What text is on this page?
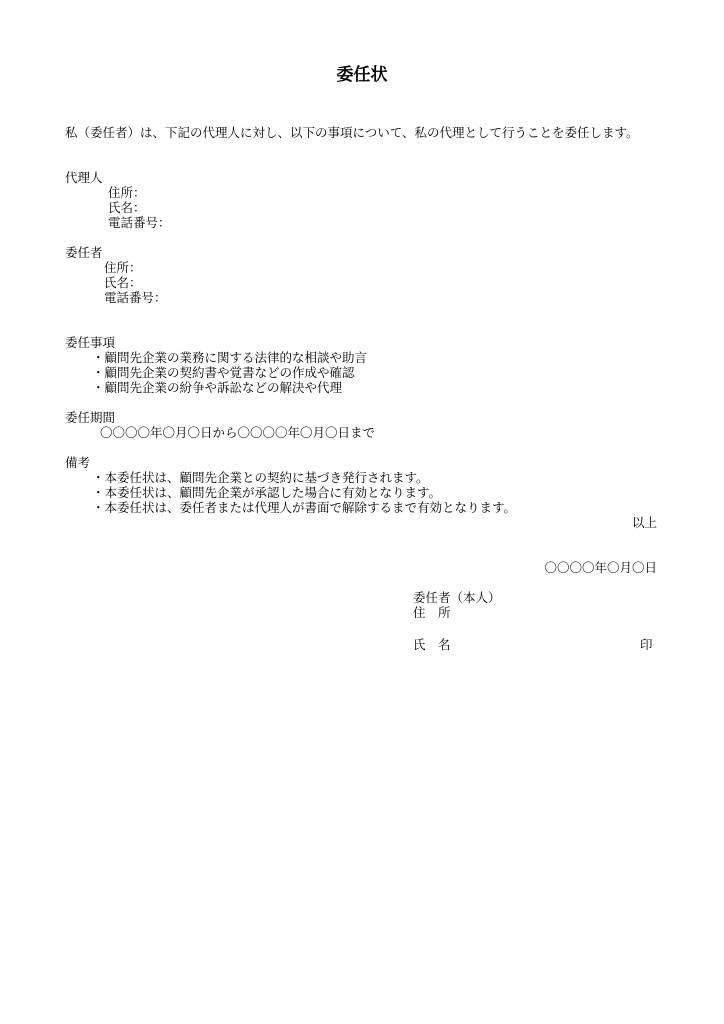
委任状
私（委任者）は、下記の代理人に対し、以下の事項について、私の代理として行うことを委任します。
代理人
住所：
氏名：
電話番号：
委任者
住所：
氏名：
電話番号：
委任事項
・顧問先企業の業務に関する法律的な相談や助言
・顧問先企業の契約書や覚書などの作成や確認
・顧問先企業の紛争や訴訟などの解決や代理
委任期間
〇〇〇〇年〇月〇日から〇〇〇〇年〇月〇日まで
備考
・本委任状は、顧問先企業との契約に基づき発行されます。
・本委任状は、顧問先企業が承認した場合に有効となります。
・本委任状は、委任者または代理人が書面で解除するまで有効となります。
以上
〇〇〇〇年〇月〇日
委任者（本人）
住　所
氏　名	印
